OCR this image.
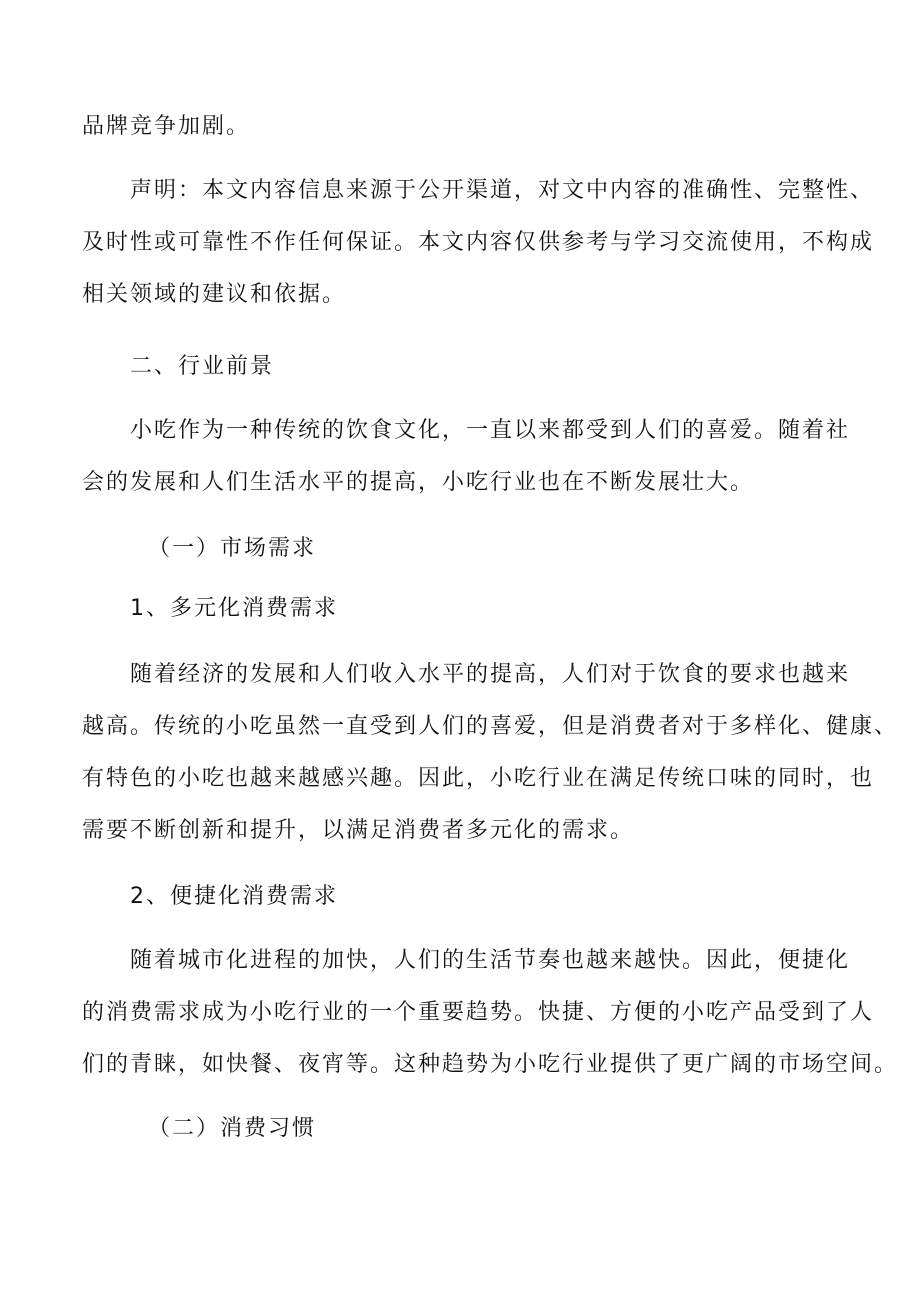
品牌竞争加剧。
声明：本文内容信息来源于公开渠道，对文中内容的准确性、完整性、
及时性或可靠性不作任何保证。本文内容仅供参考与学习交流使用，不构成
相关领域的建议和依据。
二、行业前景
小吃作为一种传统的饮食文化，一直以来都受到人们的喜爱。随着社
会的发展和人们生活水平的提高，小吃行业也在不断发展壮大。
（一）市场需求
1、多元化消费需求
随着经济的发展和人们收入水平的提高，人们对于饮食的要求也越来
越高。传统的小吃虽然一直受到人们的喜爱，但是消费者对于多样化、健康、
有特色的小吃也越来越感兴趣。因此，小吃行业在满足传统口味的同时，也
需要不断创新和提升，以满足消费者多元化的需求。
2、便捷化消费需求
随着城市化进程的加快，人们的生活节奏也越来越快。因此，便捷化
的消费需求成为小吃行业的一个重要趋势。快捷、方便的小吃产品受到了人
们的青睐，如快餐、夜宵等。这种趋势为小吃行业提供了更广阔的市场空间。
（二）消费习惯
